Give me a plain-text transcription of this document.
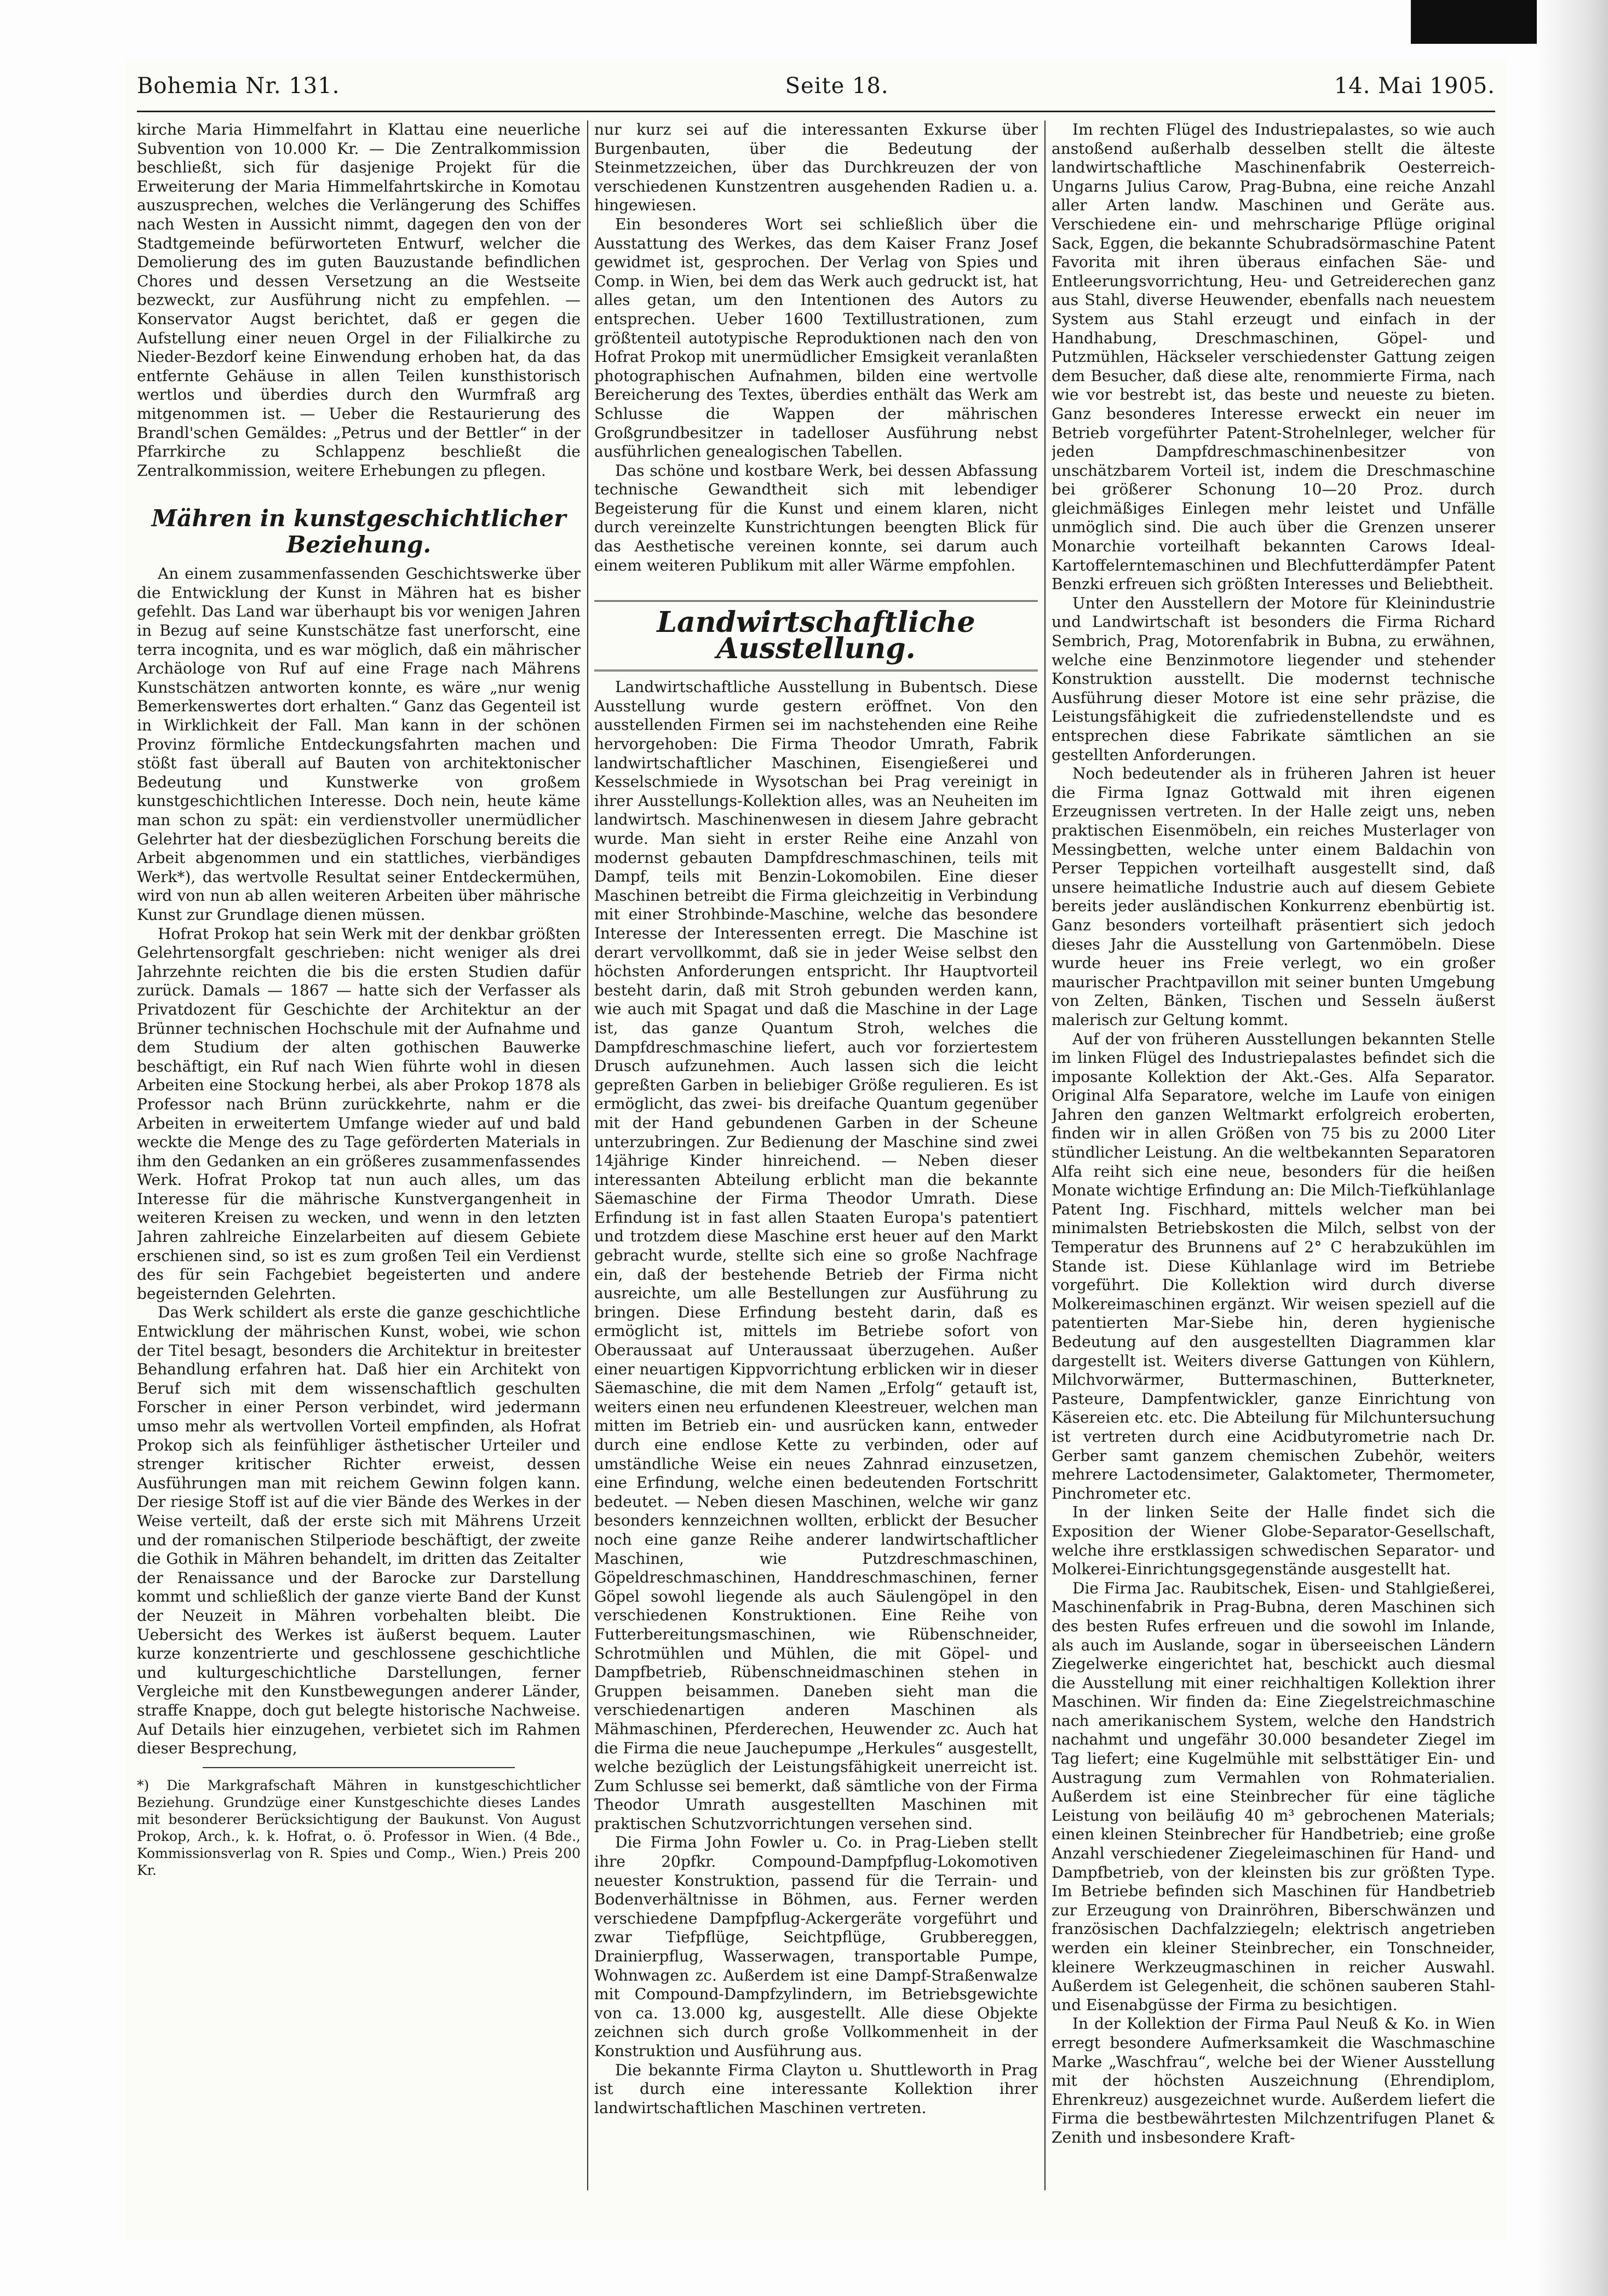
Bohemia Nr. 131.	Seite 18.	14. Mai 1905.

kirche Maria Himmelfahrt in Klattau eine neuerliche Subvention von 10.000 Kr. — Die Zentralkommission beschließt, sich für dasjenige Projekt für die Erweiterung der Maria Himmelfahrtskirche in Komotau auszusprechen, welches die Verlängerung des Schiffes nach Westen in Aussicht nimmt, dagegen den von der Stadtgemeinde befürworteten Entwurf, welcher die Demolierung des im guten Bauzustande befindlichen Chores und dessen Versetzung an die Westseite bezweckt, zur Ausführung nicht zu empfehlen. — Konservator Augst berichtet, daß er gegen die Aufstellung einer neuen Orgel in der Filialkirche zu Nieder-Bezdorf keine Einwendung erhoben hat, da das entfernte Gehäuse in allen Teilen kunsthistorisch wertlos und überdies durch den Wurmfraß arg mitgenommen ist. — Ueber die Restaurierung des Brandl'schen Gemäldes: „Petrus und der Bettler“ in der Pfarrkirche zu Schlappenz beschließt die Zentralkommission, weitere Erhebungen zu pflegen.

Mähren in kunstgeschichtlicher Beziehung.

An einem zusammenfassenden Geschichtswerke über die Entwicklung der Kunst in Mähren hat es bisher gefehlt. Das Land war überhaupt bis vor wenigen Jahren in Bezug auf seine Kunstschätze fast unerforscht, eine terra incognita, und es war möglich, daß ein mährischer Archäologe von Ruf auf eine Frage nach Mährens Kunstschätzen antworten konnte, es wäre „nur wenig Bemerkenswertes dort erhalten.“ Ganz das Gegenteil ist in Wirklichkeit der Fall. Man kann in der schönen Provinz förmliche Entdeckungsfahrten machen und stößt fast überall auf Bauten von architektonischer Bedeutung und Kunstwerke von großem kunstgeschichtlichen Interesse. Doch nein, heute käme man schon zu spät: ein verdienstvoller unermüdlicher Gelehrter hat der diesbezüglichen Forschung bereits die Arbeit abgenommen und ein stattliches, vierbändiges Werk*), das wertvolle Resultat seiner Entdeckermühen, wird von nun ab allen weiteren Arbeiten über mährische Kunst zur Grundlage dienen müssen.

Hofrat Prokop hat sein Werk mit der denkbar größten Gelehrtensorgfalt geschrieben: nicht weniger als drei Jahrzehnte reichten die bis die ersten Studien dafür zurück. Damals — 1867 — hatte sich der Verfasser als Privatdozent für Geschichte der Architektur an der Brünner technischen Hochschule mit der Aufnahme und dem Studium der alten gothischen Bauwerke beschäftigt, ein Ruf nach Wien führte wohl in diesen Arbeiten eine Stockung herbei, als aber Prokop 1878 als Professor nach Brünn zurückkehrte, nahm er die Arbeiten in erweitertem Umfange wieder auf und bald weckte die Menge des zu Tage geförderten Materials in ihm den Gedanken an ein größeres zusammenfassendes Werk. Hofrat Prokop tat nun auch alles, um das Interesse für die mährische Kunstvergangenheit in weiteren Kreisen zu wecken, und wenn in den letzten Jahren zahlreiche Einzelarbeiten auf diesem Gebiete erschienen sind, so ist es zum großen Teil ein Verdienst des für sein Fachgebiet begeisterten und andere begeisternden Gelehrten.

Das Werk schildert als erste die ganze geschichtliche Entwicklung der mährischen Kunst, wobei, wie schon der Titel besagt, besonders die Architektur in breitester Behandlung erfahren hat. Daß hier ein Architekt von Beruf sich mit dem wissenschaftlich geschulten Forscher in einer Person verbindet, wird jedermann umso mehr als wertvollen Vorteil empfinden, als Hofrat Prokop sich als feinfühliger ästhetischer Urteiler und strenger kritischer Richter erweist, dessen Ausführungen man mit reichem Gewinn folgen kann. Der riesige Stoff ist auf die vier Bände des Werkes in der Weise verteilt, daß der erste sich mit Mährens Urzeit und der romanischen Stilperiode beschäftigt, der zweite die Gothik in Mähren behandelt, im dritten das Zeitalter der Renaissance und der Barocke zur Darstellung kommt und schließlich der ganze vierte Band der Kunst der Neuzeit in Mähren vorbehalten bleibt. Die Uebersicht des Werkes ist äußerst bequem. Lauter kurze konzentrierte und geschlossene geschichtliche und kulturgeschichtliche Darstellungen, ferner Vergleiche mit den Kunstbewegungen anderer Länder, straffe Knappe, doch gut belegte historische Nachweise. Auf Details hier einzugehen, verbietet sich im Rahmen dieser Besprechung,

*) Die Markgrafschaft Mähren in kunstgeschichtlicher Beziehung. Grundzüge einer Kunstgeschichte dieses Landes mit besonderer Berücksichtigung der Baukunst. Von August Prokop, Arch., k. k. Hofrat, o. ö. Professor in Wien. (4 Bde., Kommissionsverlag von R. Spies und Comp., Wien.) Preis 200 Kr.

nur kurz sei auf die interessanten Exkurse über Burgenbauten, über die Bedeutung der Steinmetzzeichen, über das Durchkreuzen der von verschiedenen Kunstzentren ausgehenden Radien u. a. hingewiesen.

Ein besonderes Wort sei schließlich über die Ausstattung des Werkes, das dem Kaiser Franz Josef gewidmet ist, gesprochen. Der Verlag von Spies und Comp. in Wien, bei dem das Werk auch gedruckt ist, hat alles getan, um den Intentionen des Autors zu entsprechen. Ueber 1600 Textillustrationen, zum größtenteil autotypische Reproduktionen nach den von Hofrat Prokop mit unermüdlicher Emsigkeit veranlaßten photographischen Aufnahmen, bilden eine wertvolle Bereicherung des Textes, überdies enthält das Werk am Schlusse die Wappen der mährischen Großgrundbesitzer in tadelloser Ausführung nebst ausführlichen genealogischen Tabellen.

Das schöne und kostbare Werk, bei dessen Abfassung technische Gewandtheit sich mit lebendiger Begeisterung für die Kunst und einem klaren, nicht durch vereinzelte Kunstrichtungen beengten Blick für das Aesthetische vereinen konnte, sei darum auch einem weiteren Publikum mit aller Wärme empfohlen.

Landwirtschaftliche Ausstellung.

Landwirtschaftliche Ausstellung in Bubentsch. Diese Ausstellung wurde gestern eröffnet. Von den ausstellenden Firmen sei im nachstehenden eine Reihe hervorgehoben: Die Firma Theodor Umrath, Fabrik landwirtschaftlicher Maschinen, Eisengießerei und Kesselschmiede in Wysotschan bei Prag vereinigt in ihrer Ausstellungs-Kollektion alles, was an Neuheiten im landwirtsch. Maschinenwesen in diesem Jahre gebracht wurde. Man sieht in erster Reihe eine Anzahl von modernst gebauten Dampfdreschmaschinen, teils mit Dampf, teils mit Benzin-Lokomobilen. Eine dieser Maschinen betreibt die Firma gleichzeitig in Verbindung mit einer Strohbinde-Maschine, welche das besondere Interesse der Interessenten erregt. Die Maschine ist derart vervollkommt, daß sie in jeder Weise selbst den höchsten Anforderungen entspricht. Ihr Hauptvorteil besteht darin, daß mit Stroh gebunden werden kann, wie auch mit Spagat und daß die Maschine in der Lage ist, das ganze Quantum Stroh, welches die Dampfdreschmaschine liefert, auch vor forziertestem Drusch aufzunehmen. Auch lassen sich die leicht gepreßten Garben in beliebiger Größe regulieren. Es ist ermöglicht, das zwei- bis dreifache Quantum gegenüber mit der Hand gebundenen Garben in der Scheune unterzubringen. Zur Bedienung der Maschine sind zwei 14jährige Kinder hinreichend. — Neben dieser interessanten Abteilung erblicht man die bekannte Säemaschine der Firma Theodor Umrath. Diese Erfindung ist in fast allen Staaten Europa's patentiert und trotzdem diese Maschine erst heuer auf den Markt gebracht wurde, stellte sich eine so große Nachfrage ein, daß der bestehende Betrieb der Firma nicht ausreichte, um alle Bestellungen zur Ausführung zu bringen. Diese Erfindung besteht darin, daß es ermöglicht ist, mittels im Betriebe sofort von Oberaussaat auf Unteraussaat überzugehen. Außer einer neuartigen Kippvorrichtung erblicken wir in dieser Säemaschine, die mit dem Namen „Erfolg“ getauft ist, weiters einen neu erfundenen Kleestreuer, welchen man mitten im Betrieb ein- und ausrücken kann, entweder durch eine endlose Kette zu verbinden, oder auf umständliche Weise ein neues Zahnrad einzusetzen, eine Erfindung, welche einen bedeutenden Fortschritt bedeutet. — Neben diesen Maschinen, welche wir ganz besonders kennzeichnen wollten, erblickt der Besucher noch eine ganze Reihe anderer landwirtschaftlicher Maschinen, wie Putzdreschmaschinen, Göpeldreschmaschinen, Handdreschmaschinen, ferner Göpel sowohl liegende als auch Säulengöpel in den verschiedenen Konstruktionen. Eine Reihe von Futterbereitungsmaschinen, wie Rübenschneider, Schrotmühlen und Mühlen, die mit Göpel- und Dampfbetrieb, Rübenschneidmaschinen stehen in Gruppen beisammen. Daneben sieht man die verschiedenartigen anderen Maschinen als Mähmaschinen, Pferderechen, Heuwender zc. Auch hat die Firma die neue Jauchepumpe „Herkules“ ausgestellt, welche bezüglich der Leistungsfähigkeit unerreicht ist. Zum Schlusse sei bemerkt, daß sämtliche von der Firma Theodor Umrath ausgestellten Maschinen mit praktischen Schutzvorrichtungen versehen sind.

Die Firma John Fowler u. Co. in Prag-Lieben stellt ihre 20pfkr. Compound-Dampfpflug-Lokomotiven neuester Konstruktion, passend für die Terrain- und Bodenverhältnisse in Böhmen, aus. Ferner werden verschiedene Dampfpflug-Ackergeräte vorgeführt und zwar Tiefpflüge, Seichtpflüge, Grubbereggen, Drainierpflug, Wasserwagen, transportable Pumpe, Wohnwagen zc. Außerdem ist eine Dampf-Straßenwalze mit Compound-Dampfzylindern, im Betriebsgewichte von ca. 13.000 kg, ausgestellt. Alle diese Objekte zeichnen sich durch große Vollkommenheit in der Konstruktion und Ausführung aus.

Die bekannte Firma Clayton u. Shuttleworth in Prag ist durch eine interessante Kollektion ihrer landwirtschaftlichen Maschinen vertreten.

Im rechten Flügel des Industriepalastes, so wie auch anstoßend außerhalb desselben stellt die älteste landwirtschaftliche Maschinenfabrik Oesterreich-Ungarns Julius Carow, Prag-Bubna, eine reiche Anzahl aller Arten landw. Maschinen und Geräte aus. Verschiedene ein- und mehrscharige Pflüge original Sack, Eggen, die bekannte Schubradsörmaschine Patent Favorita mit ihren überaus einfachen Säe- und Entleerungsvorrichtung, Heu- und Getreiderechen ganz aus Stahl, diverse Heuwender, ebenfalls nach neuestem System aus Stahl erzeugt und einfach in der Handhabung, Dreschmaschinen, Göpel- und Putzmühlen, Häckseler verschiedenster Gattung zeigen dem Besucher, daß diese alte, renommierte Firma, nach wie vor bestrebt ist, das beste und neueste zu bieten. Ganz besonderes Interesse erweckt ein neuer im Betrieb vorgeführter Patent-Strohelnleger, welcher für jeden Dampfdreschmaschinenbesitzer von unschätzbarem Vorteil ist, indem die Dreschmaschine bei größerer Schonung 10—20 Proz. durch gleichmäßiges Einlegen mehr leistet und Unfälle unmöglich sind. Die auch über die Grenzen unserer Monarchie vorteilhaft bekannten Carows Ideal-Kartoffelerntemaschinen und Blechfutterdämpfer Patent Benzki erfreuen sich größten Interesses und Beliebtheit.

Unter den Ausstellern der Motore für Kleinindustrie und Landwirtschaft ist besonders die Firma Richard Sembrich, Prag, Motorenfabrik in Bubna, zu erwähnen, welche eine Benzinmotore liegender und stehender Konstruktion ausstellt. Die modernst technische Ausführung dieser Motore ist eine sehr präzise, die Leistungsfähigkeit die zufriedenstellendste und es entsprechen diese Fabrikate sämtlichen an sie gestellten Anforderungen.

Noch bedeutender als in früheren Jahren ist heuer die Firma Ignaz Gottwald mit ihren eigenen Erzeugnissen vertreten. In der Halle zeigt uns, neben praktischen Eisenmöbeln, ein reiches Musterlager von Messingbetten, welche unter einem Baldachin von Perser Teppichen vorteilhaft ausgestellt sind, daß unsere heimatliche Industrie auch auf diesem Gebiete bereits jeder ausländischen Konkurrenz ebenbürtig ist. Ganz besonders vorteilhaft präsentiert sich jedoch dieses Jahr die Ausstellung von Gartenmöbeln. Diese wurde heuer ins Freie verlegt, wo ein großer maurischer Prachtpavillon mit seiner bunten Umgebung von Zelten, Bänken, Tischen und Sesseln äußerst malerisch zur Geltung kommt.

Auf der von früheren Ausstellungen bekannten Stelle im linken Flügel des Industriepalastes befindet sich die imposante Kollektion der Akt.-Ges. Alfa Separator. Original Alfa Separatore, welche im Laufe von einigen Jahren den ganzen Weltmarkt erfolgreich eroberten, finden wir in allen Größen von 75 bis zu 2000 Liter stündlicher Leistung. An die weltbekannten Separatoren Alfa reiht sich eine neue, besonders für die heißen Monate wichtige Erfindung an: Die Milch-Tiefkühlanlage Patent Ing. Fischhard, mittels welcher man bei minimalsten Betriebskosten die Milch, selbst von der Temperatur des Brunnens auf 2° C herabzukühlen im Stande ist. Diese Kühlanlage wird im Betriebe vorgeführt. Die Kollektion wird durch diverse Molkereimaschinen ergänzt. Wir weisen speziell auf die patentierten Mar-Siebe hin, deren hygienische Bedeutung auf den ausgestellten Diagrammen klar dargestellt ist. Weiters diverse Gattungen von Kühlern, Milchvorwärmer, Buttermaschinen, Butterkneter, Pasteure, Dampfentwickler, ganze Einrichtung von Käsereien etc. etc. Die Abteilung für Milchuntersuchung ist vertreten durch eine Acidbutyrometrie nach Dr. Gerber samt ganzem chemischen Zubehör, weiters mehrere Lactodensimeter, Galaktometer, Thermometer, Pinchrometer etc.

In der linken Seite der Halle findet sich die Exposition der Wiener Globe-Separator-Gesellschaft, welche ihre erstklassigen schwedischen Separator- und Molkerei-Einrichtungsgegenstände ausgestellt hat.

Die Firma Jac. Raubitschek, Eisen- und Stahlgießerei, Maschinenfabrik in Prag-Bubna, deren Maschinen sich des besten Rufes erfreuen und die sowohl im Inlande, als auch im Auslande, sogar in überseeischen Ländern Ziegelwerke eingerichtet hat, beschickt auch diesmal die Ausstellung mit einer reichhaltigen Kollektion ihrer Maschinen. Wir finden da: Eine Ziegelstreichmaschine nach amerikanischem System, welche den Handstrich nachahmt und ungefähr 30.000 besandeter Ziegel im Tag liefert; eine Kugelmühle mit selbsttätiger Ein- und Austragung zum Vermahlen von Rohmaterialien. Außerdem ist eine Steinbrecher für eine tägliche Leistung von beiläufig 40 m³ gebrochenen Materials; einen kleinen Steinbrecher für Handbetrieb; eine große Anzahl verschiedener Ziegeleimaschinen für Hand- und Dampfbetrieb, von der kleinsten bis zur größten Type. Im Betriebe befinden sich Maschinen für Handbetrieb zur Erzeugung von Drainröhren, Biberschwänzen und französischen Dachfalzziegeln; elektrisch angetrieben werden ein kleiner Steinbrecher, ein Tonschneider, kleinere Werkzeugmaschinen in reicher Auswahl. Außerdem ist Gelegenheit, die schönen sauberen Stahl- und Eisenabgüsse der Firma zu besichtigen.

In der Kollektion der Firma Paul Neuß & Ko. in Wien erregt besondere Aufmerksamkeit die Waschmaschine Marke „Waschfrau“, welche bei der Wiener Ausstellung mit der höchsten Auszeichnung (Ehrendiplom, Ehrenkreuz) ausgezeichnet wurde. Außerdem liefert die Firma die bestbewährtesten Milchzentrifugen Planet & Zenith und insbesondere Kraft-
